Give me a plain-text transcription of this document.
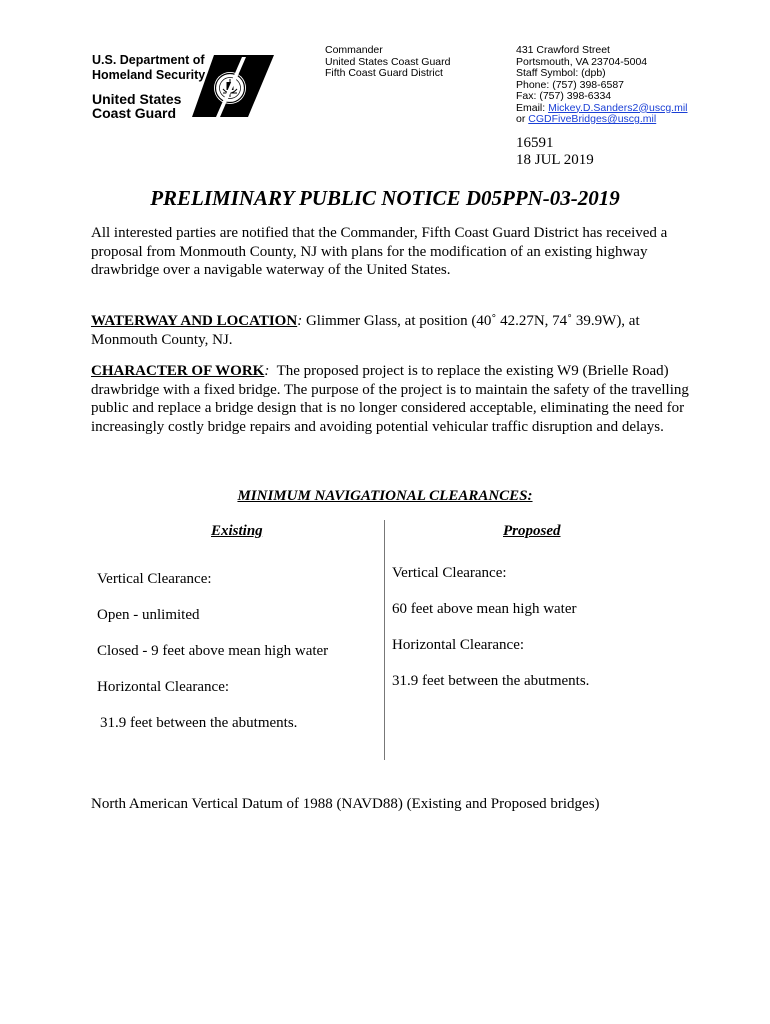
U.S. Department of
Homeland Security
United States
Coast Guard
Commander
United States Coast Guard
Fifth Coast Guard District
431 Crawford Street
Portsmouth, VA 23704-5004
Staff Symbol: (dpb)
Phone: (757) 398-6587
Fax: (757) 398-6334
Email: Mickey.D.Sanders2@uscg.mil
or CGDFiveBridges@uscg.mil
16591
18 JUL 2019
PRELIMINARY PUBLIC NOTICE D05PPN-03-2019
All interested parties are notified that the Commander, Fifth Coast Guard District has received a proposal from Monmouth County, NJ with plans for the modification of an existing highway drawbridge over a navigable waterway of the United States.
WATERWAY AND LOCATION: Glimmer Glass, at position (40˚ 42.27N, 74˚ 39.9W), at Monmouth County, NJ.
CHARACTER OF WORK:  The proposed project is to replace the existing W9 (Brielle Road) drawbridge with a fixed bridge. The purpose of the project is to maintain the safety of the travelling public and replace a bridge design that is no longer considered acceptable, eliminating the need for increasingly costly bridge repairs and avoiding potential vehicular traffic disruption and delays.
MINIMUM NAVIGATIONAL CLEARANCES:
Existing	Proposed
Vertical Clearance:
Open - unlimited
Closed - 9 feet above mean high water
Horizontal Clearance:
31.9 feet between the abutments.
Vertical Clearance:
60 feet above mean high water
Horizontal Clearance:
31.9 feet between the abutments.
North American Vertical Datum of 1988 (NAVD88) (Existing and Proposed bridges)
